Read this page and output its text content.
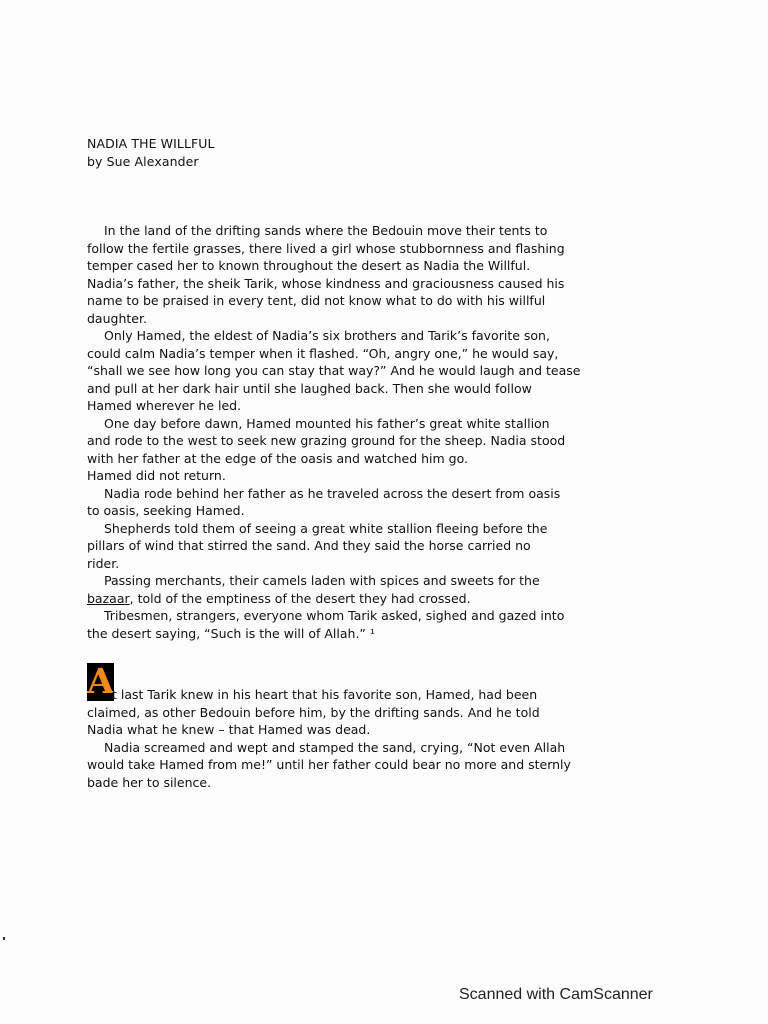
NADIA THE WILLFUL
by Sue Alexander
In the land of the drifting sands where the Bedouin move their tents to
follow the fertile grasses, there lived a girl whose stubbornness and flashing
temper cased her to known throughout the desert as Nadia the Willful.
Nadia’s father, the sheik Tarik, whose kindness and graciousness caused his
name to be praised in every tent, did not know what to do with his willful
daughter.
Only Hamed, the eldest of Nadia’s six brothers and Tarik’s favorite son,
could calm Nadia’s temper when it flashed. “Oh, angry one,” he would say,
“shall we see how long you can stay that way?” And he would laugh and tease
and pull at her dark hair until she laughed back. Then she would follow
Hamed wherever he led.
One day before dawn, Hamed mounted his father’s great white stallion
and rode to the west to seek new grazing ground for the sheep. Nadia stood
with her father at the edge of the oasis and watched him go.
Hamed did not return.
Nadia rode behind her father as he traveled across the desert from oasis
to oasis, seeking Hamed.
Shepherds told them of seeing a great white stallion fleeing before the
pillars of wind that stirred the sand. And they said the horse carried no
rider.
Passing merchants, their camels laden with spices and sweets for the
bazaar, told of the emptiness of the desert they had crossed.
Tribesmen, strangers, everyone whom Tarik asked, sighed and gazed into
the desert saying, “Such is the will of Allah.” ¹
A
t last Tarik knew in his heart that his favorite son, Hamed, had been
claimed, as other Bedouin before him, by the drifting sands. And he told
Nadia what he knew – that Hamed was dead.
Nadia screamed and wept and stamped the sand, crying, “Not even Allah
would take Hamed from me!” until her father could bear no more and sternly
bade her to silence.
Scanned with CamScanner
